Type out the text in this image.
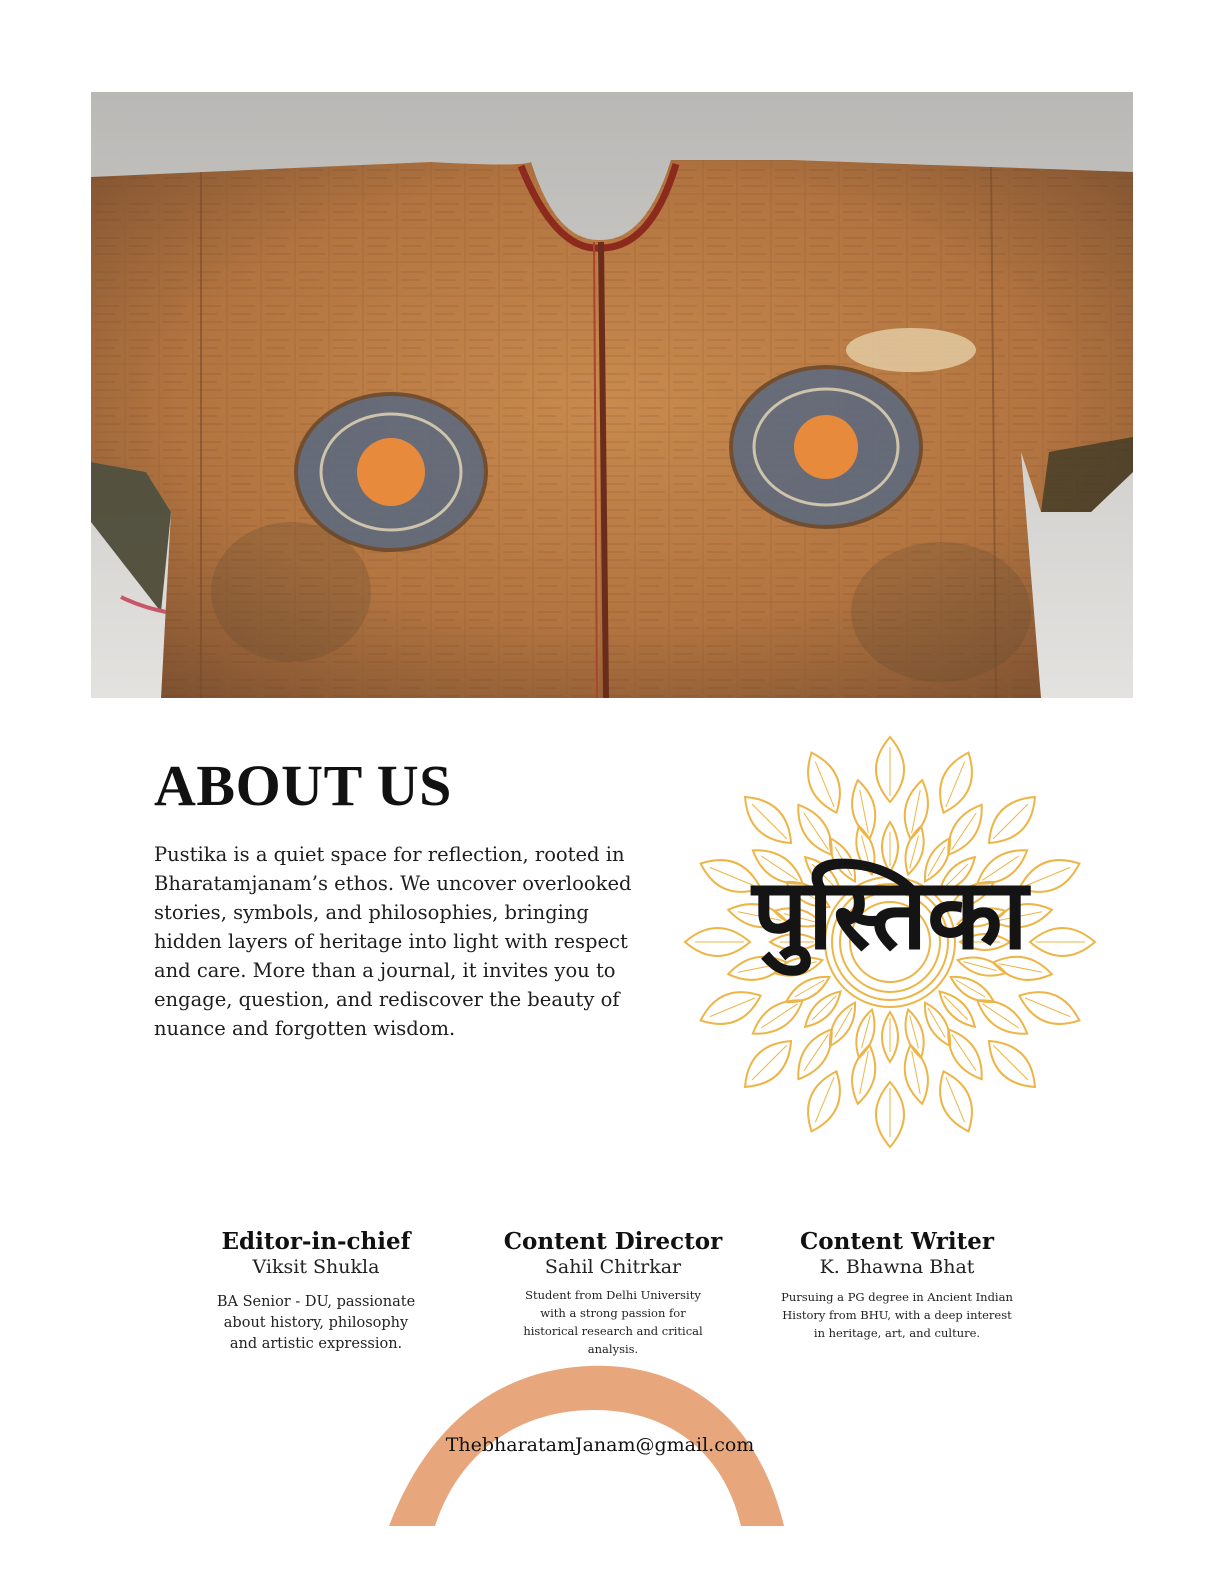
ABOUT US

Pustika is a quiet space for reflection, rooted in Bharatamjanam’s ethos. We uncover overlooked stories, symbols, and philosophies, bringing hidden layers of heritage into light with respect and care. More than a journal, it invites you to engage, question, and rediscover the beauty of nuance and forgotten wisdom.

पुस्तिका
Editor-in-chief
Viksit Shukla
BA Senior - DU, passionate about history, philosophy and artistic expression.
Content Director
Sahil Chitrkar
Student from Delhi University with a strong passion for historical research and critical analysis.
Content Writer
K. Bhawna Bhat
Pursuing a PG degree in Ancient Indian History from BHU, with a deep interest in heritage, art, and culture.
ThebharatamJanam@gmail.com
